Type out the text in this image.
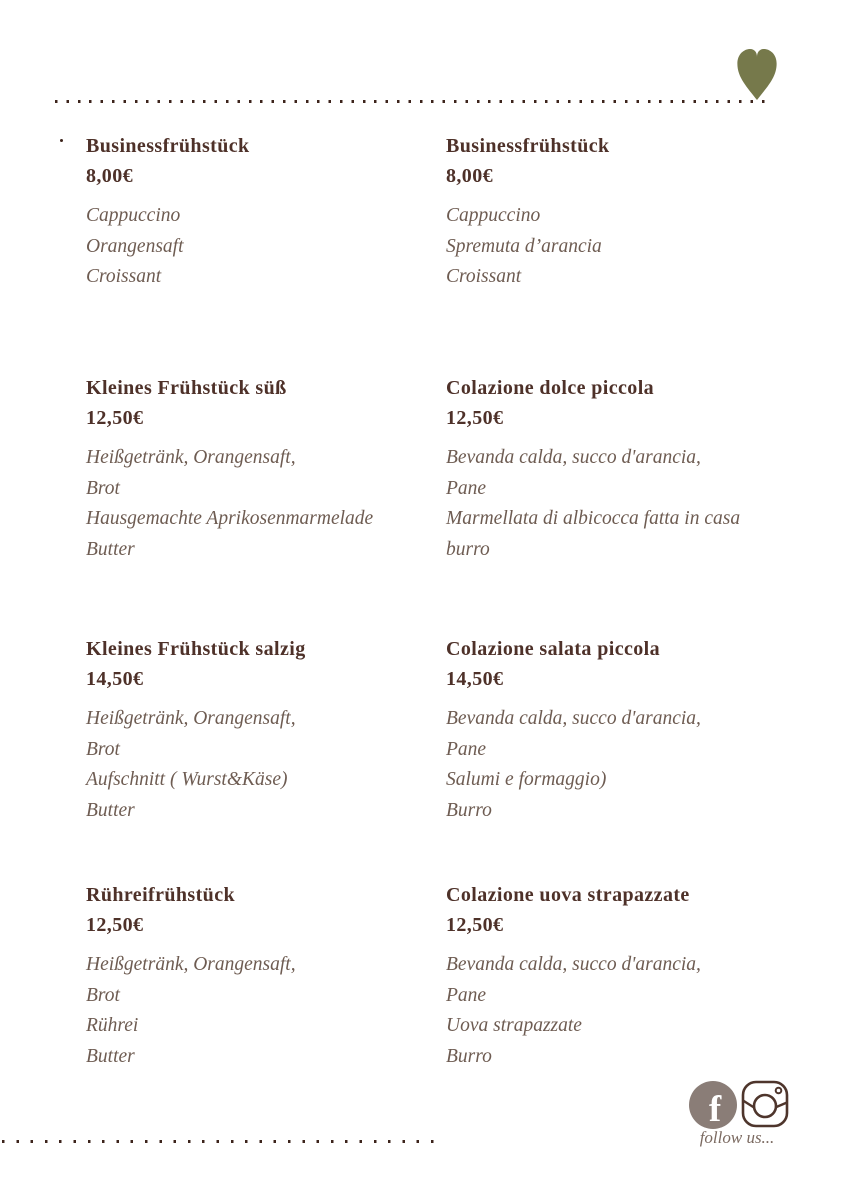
Businessfrühstück
8,00€
Cappuccino
Orangensaft
Croissant
Businessfrühstück
8,00€
Cappuccino
Spremuta d’arancia
Croissant
Kleines Frühstück süß
12,50€
Heißgetränk, Orangensaft,
Brot
Hausgemachte Aprikosenmarmelade
Butter
Colazione dolce piccola
12,50€
Bevanda calda, succo d'arancia,
Pane
Marmellata di albicocca fatta in casa
burro
Kleines Frühstück salzig
14,50€
Heißgetränk, Orangensaft,
Brot
Aufschnitt ( Wurst&Käse)
Butter
Colazione salata piccola
14,50€
Bevanda calda, succo d'arancia,
Pane
Salumi e formaggio)
Burro
Rühreifrühstück
12,50€
Heißgetränk, Orangensaft,
Brot
Rührei
Butter
Colazione uova strapazzate
12,50€
Bevanda calda, succo d'arancia,
Pane
Uova strapazzate
Burro
f
follow us...
